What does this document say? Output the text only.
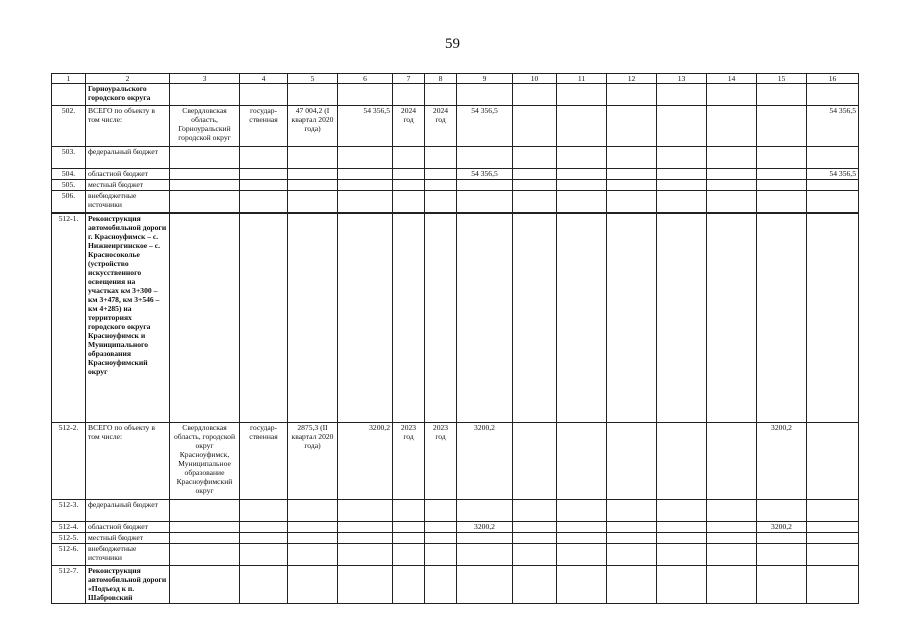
59
1	2	3	4	5	6	7	8	9	10	11	12	13	14	15	16
	Горноуральского городского округа														
502.	ВСЕГО по объекту в том числе:	Свердловская область, Горноуральский городской округ	государ-ственная	47 004,2 (I квартал 2020 года)	54 356,5	2024 год	2024 год	54 356,5							54 356,5
503.	федеральный бюджет														
504.	областной бюджет							54 356,5							54 356,5
505.	местный бюджет														
506.	внебюджетные источники														
512-1.	Реконструкция автомобильной дороги г. Красноуфимск – с. Нижнеиргинское – с. Красносоколье (устройство искусственного освещения на участках км 3+300 – км 3+478, км 3+546 – км 4+285) на территориях городского округа Красноуфимск и Муниципального образования Красноуфимский округ														
512-2.	ВСЕГО по объекту в том числе:	Свердловская область, городской округ Красноуфимск, Муниципальное образование Красноуфимский округ	государ-ственная	2875,3 (II квартал 2020 года)	3200,2	2023 год	2023 год	3200,2						3200,2	
512-3.	федеральный бюджет														
512-4.	областной бюджет							3200,2						3200,2	
512-5.	местный бюджет														
512-6.	внебюджетные источники														
512-7.	Реконструкция автомобильной дороги «Подъезд к п. Шабровский														
